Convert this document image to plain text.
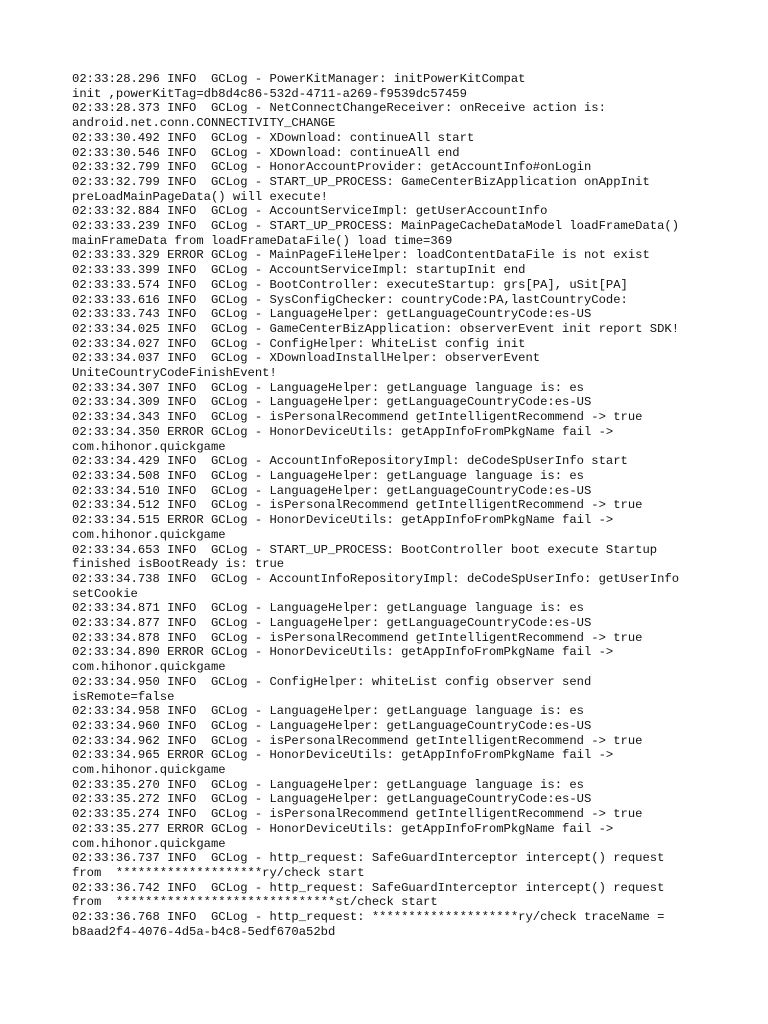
02:33:28.296 INFO  GCLog - PowerKitManager: initPowerKitCompat
init ,powerKitTag=db8d4c86-532d-4711-a269-f9539dc57459
02:33:28.373 INFO  GCLog - NetConnectChangeReceiver: onReceive action is:
android.net.conn.CONNECTIVITY_CHANGE
02:33:30.492 INFO  GCLog - XDownload: continueAll start
02:33:30.546 INFO  GCLog - XDownload: continueAll end
02:33:32.799 INFO  GCLog - HonorAccountProvider: getAccountInfo#onLogin
02:33:32.799 INFO  GCLog - START_UP_PROCESS: GameCenterBizApplication onAppInit
preLoadMainPageData() will execute!
02:33:32.884 INFO  GCLog - AccountServiceImpl: getUserAccountInfo
02:33:33.239 INFO  GCLog - START_UP_PROCESS: MainPageCacheDataModel loadFrameData()
mainFrameData from loadFrameDataFile() load time=369
02:33:33.329 ERROR GCLog - MainPageFileHelper: loadContentDataFile is not exist
02:33:33.399 INFO  GCLog - AccountServiceImpl: startupInit end
02:33:33.574 INFO  GCLog - BootController: executeStartup: grs[PA], uSit[PA]
02:33:33.616 INFO  GCLog - SysConfigChecker: countryCode:PA,lastCountryCode:
02:33:33.743 INFO  GCLog - LanguageHelper: getLanguageCountryCode:es-US
02:33:34.025 INFO  GCLog - GameCenterBizApplication: observerEvent init report SDK!
02:33:34.027 INFO  GCLog - ConfigHelper: WhiteList config init
02:33:34.037 INFO  GCLog - XDownloadInstallHelper: observerEvent
UniteCountryCodeFinishEvent!
02:33:34.307 INFO  GCLog - LanguageHelper: getLanguage language is: es
02:33:34.309 INFO  GCLog - LanguageHelper: getLanguageCountryCode:es-US
02:33:34.343 INFO  GCLog - isPersonalRecommend getIntelligentRecommend -> true
02:33:34.350 ERROR GCLog - HonorDeviceUtils: getAppInfoFromPkgName fail ->
com.hihonor.quickgame
02:33:34.429 INFO  GCLog - AccountInfoRepositoryImpl: deCodeSpUserInfo start
02:33:34.508 INFO  GCLog - LanguageHelper: getLanguage language is: es
02:33:34.510 INFO  GCLog - LanguageHelper: getLanguageCountryCode:es-US
02:33:34.512 INFO  GCLog - isPersonalRecommend getIntelligentRecommend -> true
02:33:34.515 ERROR GCLog - HonorDeviceUtils: getAppInfoFromPkgName fail ->
com.hihonor.quickgame
02:33:34.653 INFO  GCLog - START_UP_PROCESS: BootController boot execute Startup
finished isBootReady is: true
02:33:34.738 INFO  GCLog - AccountInfoRepositoryImpl: deCodeSpUserInfo: getUserInfo
setCookie
02:33:34.871 INFO  GCLog - LanguageHelper: getLanguage language is: es
02:33:34.877 INFO  GCLog - LanguageHelper: getLanguageCountryCode:es-US
02:33:34.878 INFO  GCLog - isPersonalRecommend getIntelligentRecommend -> true
02:33:34.890 ERROR GCLog - HonorDeviceUtils: getAppInfoFromPkgName fail ->
com.hihonor.quickgame
02:33:34.950 INFO  GCLog - ConfigHelper: whiteList config observer send
isRemote=false
02:33:34.958 INFO  GCLog - LanguageHelper: getLanguage language is: es
02:33:34.960 INFO  GCLog - LanguageHelper: getLanguageCountryCode:es-US
02:33:34.962 INFO  GCLog - isPersonalRecommend getIntelligentRecommend -> true
02:33:34.965 ERROR GCLog - HonorDeviceUtils: getAppInfoFromPkgName fail ->
com.hihonor.quickgame
02:33:35.270 INFO  GCLog - LanguageHelper: getLanguage language is: es
02:33:35.272 INFO  GCLog - LanguageHelper: getLanguageCountryCode:es-US
02:33:35.274 INFO  GCLog - isPersonalRecommend getIntelligentRecommend -> true
02:33:35.277 ERROR GCLog - HonorDeviceUtils: getAppInfoFromPkgName fail ->
com.hihonor.quickgame
02:33:36.737 INFO  GCLog - http_request: SafeGuardInterceptor intercept() request
from  ********************ry/check start
02:33:36.742 INFO  GCLog - http_request: SafeGuardInterceptor intercept() request
from  ******************************st/check start
02:33:36.768 INFO  GCLog - http_request: ********************ry/check traceName =
b8aad2f4-4076-4d5a-b4c8-5edf670a52bd
